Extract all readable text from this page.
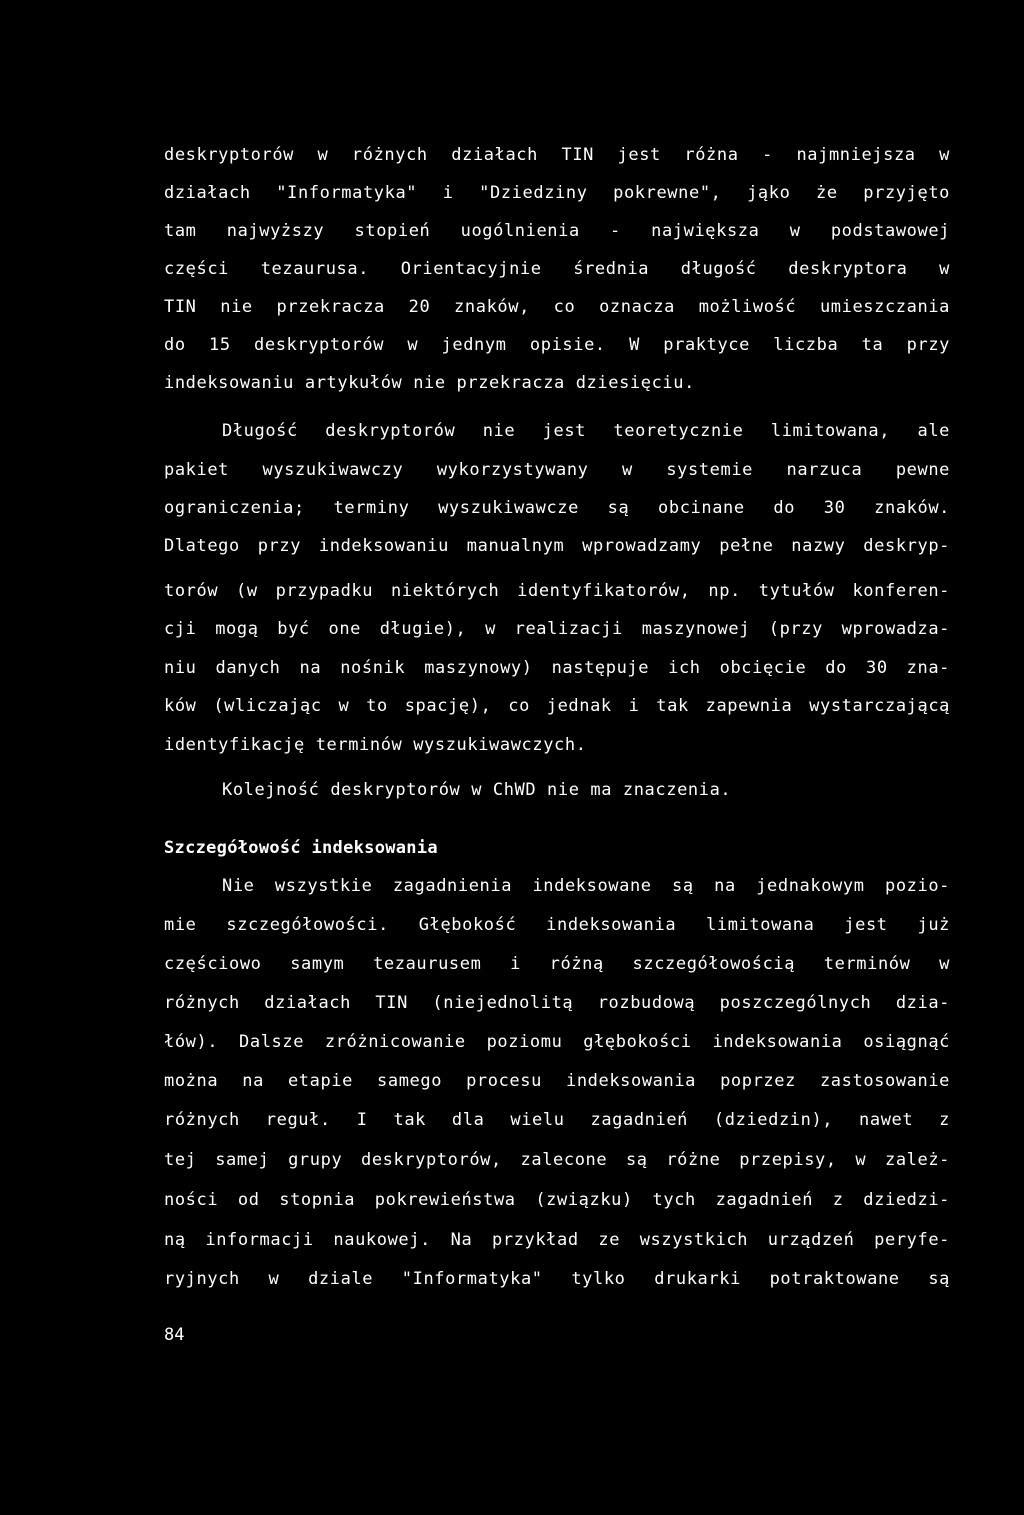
deskryptorów w różnych działach TIN jest różna - najmniejsza w
działach "Informatyka" i "Dziedziny pokrewne", jąko że przyjęto
tam najwyższy stopień uogólnienia - największa w podstawowej
części tezaurusa. Orientacyjnie średnia długość deskryptora w
TIN nie przekracza 20 znaków, co oznacza możliwość umieszczania
do 15 deskryptorów w jednym opisie. W praktyce liczba ta przy
indeksowaniu artykułów nie przekracza dziesięciu.
Długość deskryptorów nie jest teoretycznie limitowana, ale
pakiet wyszukiwawczy wykorzystywany w systemie narzuca pewne
ograniczenia; terminy wyszukiwawcze są obcinane do 30 znaków.
Dlatego przy indeksowaniu manualnym wprowadzamy pełne nazwy deskryp-
torów (w przypadku niektórych identyfikatorów, np. tytułów konferen-
cji mogą być one długie), w realizacji maszynowej (przy wprowadza-
niu danych na nośnik maszynowy) następuje ich obcięcie do 30 zna-
ków (wliczając w to spację), co jednak i tak zapewnia wystarczającą
identyfikację terminów wyszukiwawczych.
Kolejność deskryptorów w ChWD nie ma znaczenia.
Szczegółowość indeksowania
Nie wszystkie zagadnienia indeksowane są na jednakowym pozio-
mie szczegółowości. Głębokość indeksowania limitowana jest już
częściowo samym tezaurusem i różną szczegółowością terminów w
różnych działach TIN (niejednolitą rozbudową poszczególnych dzia-
łów). Dalsze zróżnicowanie poziomu głębokości indeksowania osiągnąć
można na etapie samego procesu indeksowania poprzez zastosowanie
różnych reguł. I tak dla wielu zagadnień (dziedzin), nawet z
tej samej grupy deskryptorów, zalecone są różne przepisy, w zależ-
ności od stopnia pokrewieństwa (związku) tych zagadnień z dziedzi-
ną informacji naukowej. Na przykład ze wszystkich urządzeń peryfe-
ryjnych w dziale "Informatyka" tylko drukarki potraktowane są
84
